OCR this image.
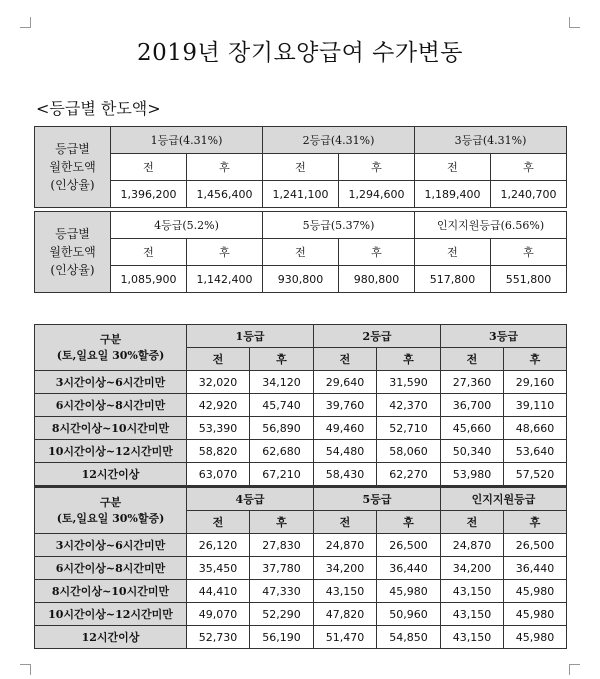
2019년 장기요양급여 수가변동
<등급별 한도액>
등급별
월한도액
(인상율)	1등급(4.31%)		2등급(4.31%)		3등급(4.31%)	
	전	후	전	후	전	후
	1,396,200	1,456,400	1,241,100	1,294,600	1,189,400	1,240,700

등급별
월한도액
(인상율)	4등급(5.2%)		5등급(5.37%)		인지지원등급(6.56%)	
	전	후	전	후	전	후
	1,085,900	1,142,400	930,800	980,800	517,800	551,800
구분
(토,일요일 30%할증)	1등급		2등급		3등급	
	전	후	전	후	전	후
3시간이상~6시간미만	32,020	34,120	29,640	31,590	27,360	29,160
6시간이상~8시간미만	42,920	45,740	39,760	42,370	36,700	39,110
8시간이상~10시간미만	53,390	56,890	49,460	52,710	45,660	48,660
10시간이상~12시간미만	58,820	62,680	54,480	58,060	50,340	53,640
12시간이상	63,070	67,210	58,430	62,270	53,980	57,520

구분
(토,일요일 30%할증)	4등급		5등급		인지지원등급	
	전	후	전	후	전	후
3시간이상~6시간미만	26,120	27,830	24,870	26,500	24,870	26,500
6시간이상~8시간미만	35,450	37,780	34,200	36,440	34,200	36,440
8시간이상~10시간미만	44,410	47,330	43,150	45,980	43,150	45,980
10시간이상~12시간미만	49,070	52,290	47,820	50,960	43,150	45,980
12시간이상	52,730	56,190	51,470	54,850	43,150	45,980
